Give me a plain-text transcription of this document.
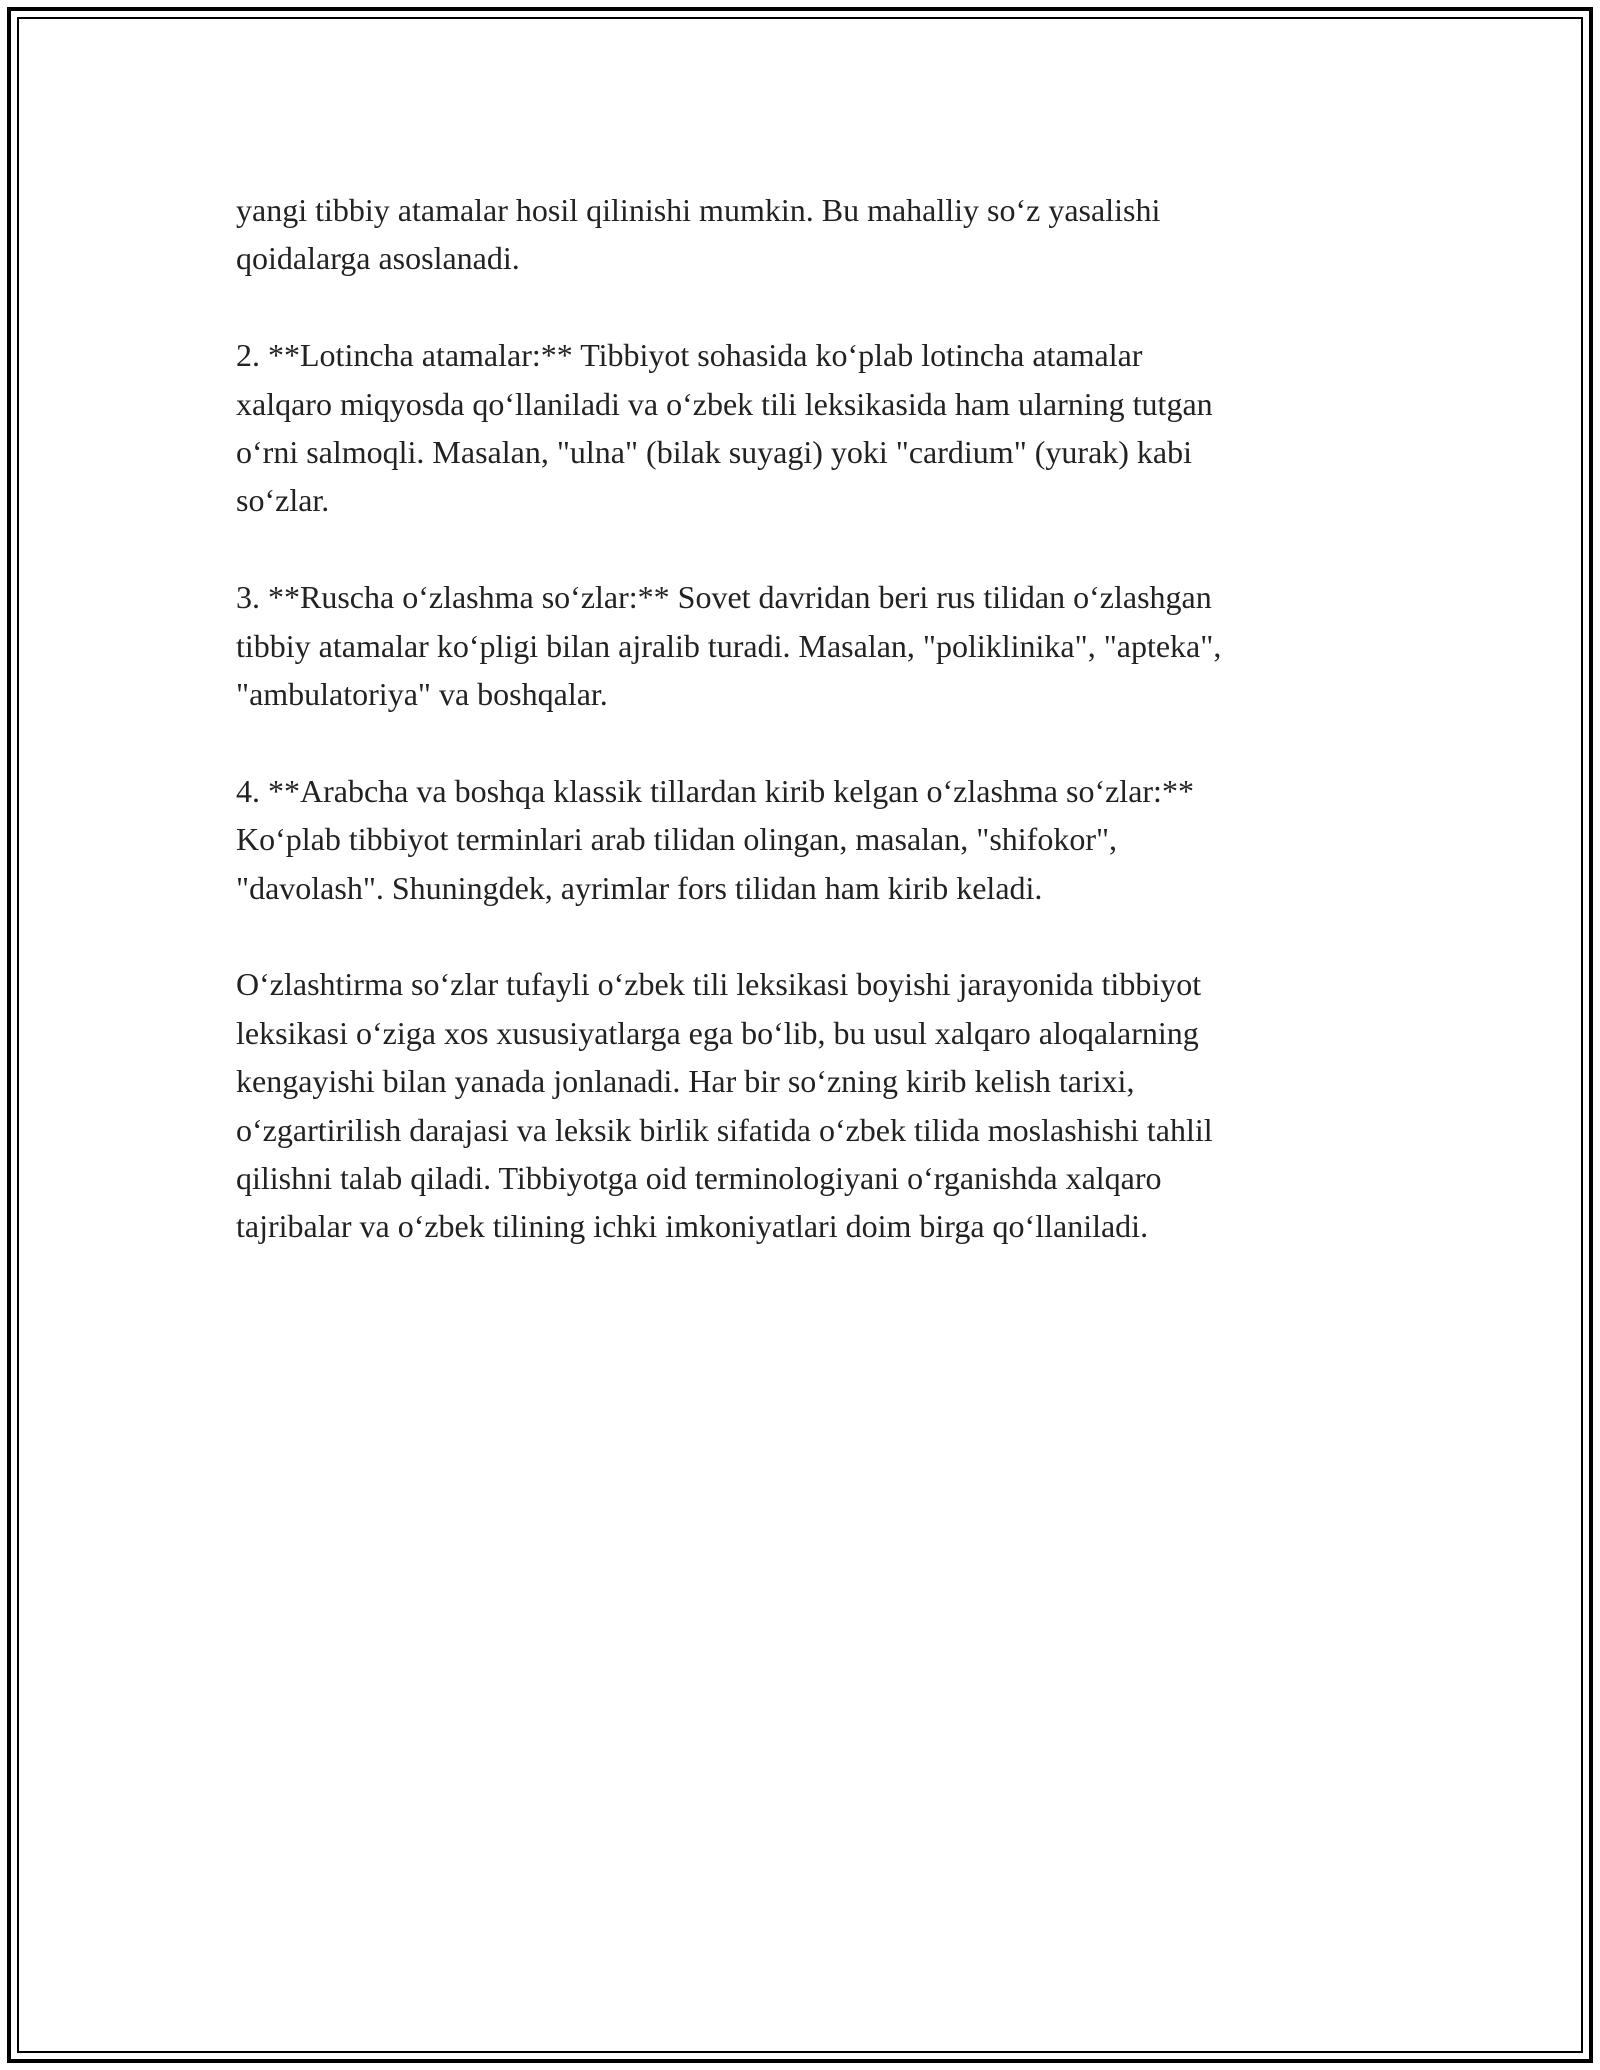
yangi tibbiy atamalar hosil qilinishi mumkin. Bu mahalliy so‘z yasalishi
qoidalarga asoslanadi.

2. **Lotincha atamalar:** Tibbiyot sohasida ko‘plab lotincha atamalar
xalqaro miqyosda qo‘llaniladi va o‘zbek tili leksikasida ham ularning tutgan
o‘rni salmoqli. Masalan, "ulna" (bilak suyagi) yoki "cardium" (yurak) kabi
so‘zlar.

3. **Ruscha o‘zlashma so‘zlar:** Sovet davridan beri rus tilidan o‘zlashgan
tibbiy atamalar ko‘pligi bilan ajralib turadi. Masalan, "poliklinika", "apteka",
"ambulatoriya" va boshqalar.

4. **Arabcha va boshqa klassik tillardan kirib kelgan o‘zlashma so‘zlar:**
Ko‘plab tibbiyot terminlari arab tilidan olingan, masalan, "shifokor",
"davolash". Shuningdek, ayrimlar fors tilidan ham kirib keladi.

O‘zlashtirma so‘zlar tufayli o‘zbek tili leksikasi boyishi jarayonida tibbiyot
leksikasi o‘ziga xos xususiyatlarga ega bo‘lib, bu usul xalqaro aloqalarning
kengayishi bilan yanada jonlanadi. Har bir so‘zning kirib kelish tarixi,
o‘zgartirilish darajasi va leksik birlik sifatida o‘zbek tilida moslashishi tahlil
qilishni talab qiladi. Tibbiyotga oid terminologiyani o‘rganishda xalqaro
tajribalar va o‘zbek tilining ichki imkoniyatlari doim birga qo‘llaniladi.
